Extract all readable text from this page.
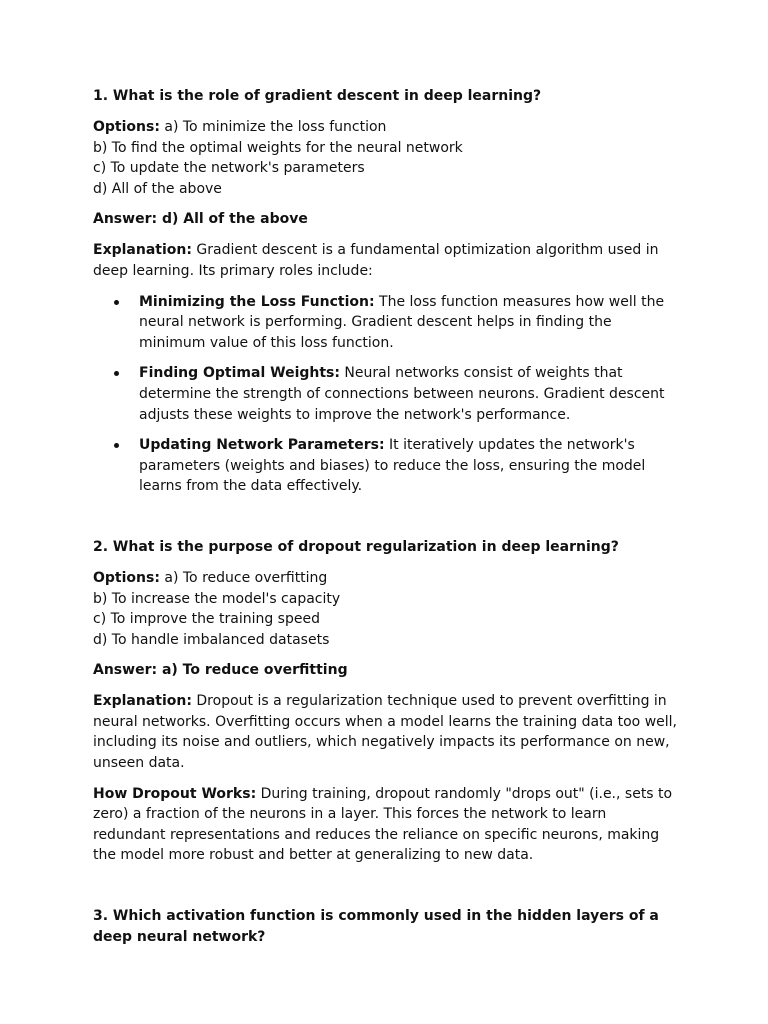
1. What is the role of gradient descent in deep learning?
Options: a) To minimize the loss function
b) To find the optimal weights for the neural network
c) To update the network's parameters
d) All of the above
Answer: d) All of the above
Explanation: Gradient descent is a fundamental optimization algorithm used in deep learning. Its primary roles include:
Minimizing the Loss Function: The loss function measures how well the neural network is performing. Gradient descent helps in finding the minimum value of this loss function.
Finding Optimal Weights: Neural networks consist of weights that determine the strength of connections between neurons. Gradient descent adjusts these weights to improve the network's performance.
Updating Network Parameters: It iteratively updates the network's parameters (weights and biases) to reduce the loss, ensuring the model learns from the data effectively.
2. What is the purpose of dropout regularization in deep learning?
Options: a) To reduce overfitting
b) To increase the model's capacity
c) To improve the training speed
d) To handle imbalanced datasets
Answer: a) To reduce overfitting
Explanation: Dropout is a regularization technique used to prevent overfitting in neural networks. Overfitting occurs when a model learns the training data too well, including its noise and outliers, which negatively impacts its performance on new, unseen data.
How Dropout Works: During training, dropout randomly "drops out" (i.e., sets to zero) a fraction of the neurons in a layer. This forces the network to learn redundant representations and reduces the reliance on specific neurons, making the model more robust and better at generalizing to new data.
3. Which activation function is commonly used in the hidden layers of a deep neural network?
